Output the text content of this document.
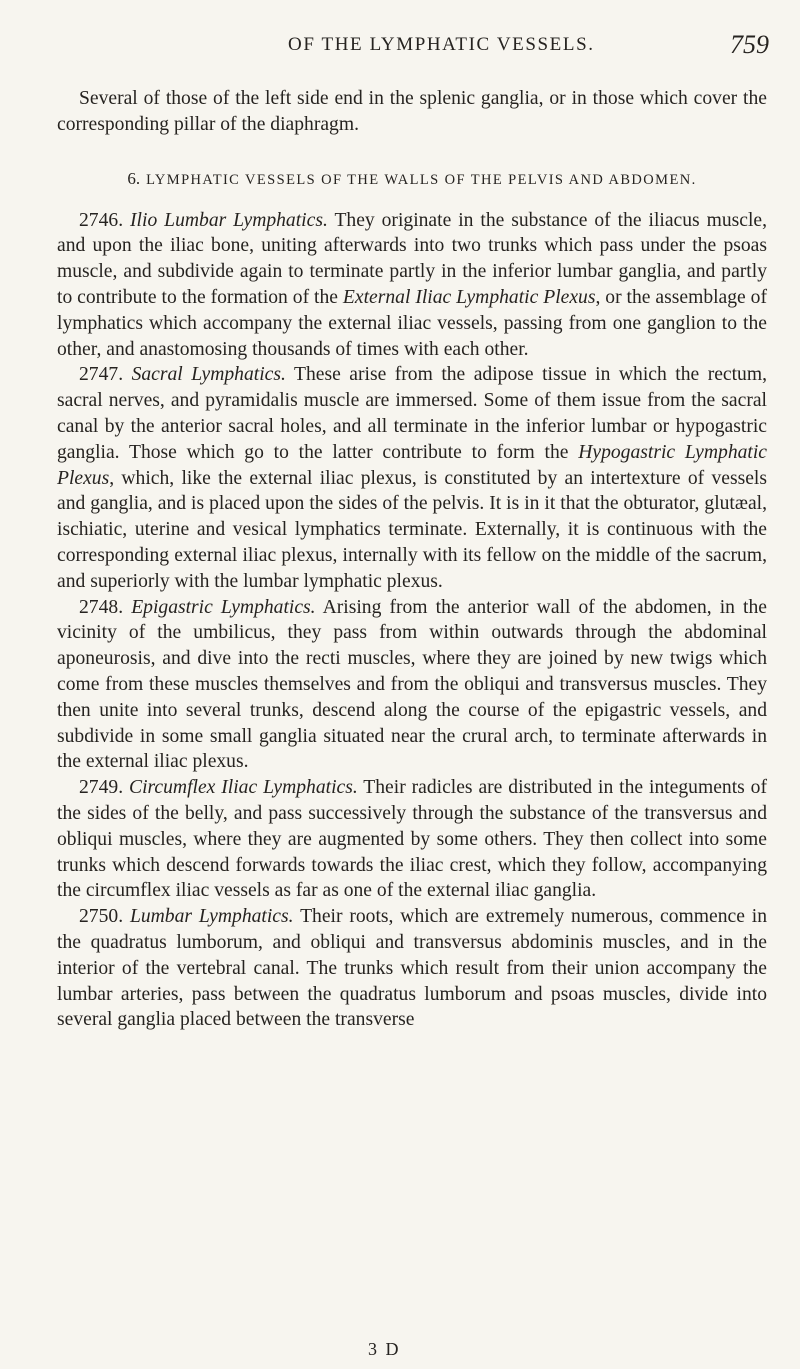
OF THE LYMPHATIC VESSELS.	759

Several of those of the left side end in the splenic ganglia, or in those which cover the corresponding pillar of the diaphragm.

6. LYMPHATIC VESSELS OF THE WALLS OF THE PELVIS AND ABDOMEN.

2746. Ilio Lumbar Lymphatics. They originate in the substance of the iliacus muscle, and upon the iliac bone, uniting afterwards into two trunks which pass under the psoas muscle, and subdivide again to terminate partly in the inferior lumbar ganglia, and partly to contribute to the formation of the External Iliac Lymphatic Plexus, or the assemblage of lymphatics which accompany the external iliac vessels, passing from one ganglion to the other, and anastomosing thousands of times with each other.

2747. Sacral Lymphatics. These arise from the adipose tissue in which the rectum, sacral nerves, and pyramidalis muscle are immersed. Some of them issue from the sacral canal by the anterior sacral holes, and all terminate in the inferior lumbar or hypogastric ganglia. Those which go to the latter contribute to form the Hypogastric Lymphatic Plexus, which, like the external iliac plexus, is constituted by an intertexture of vessels and ganglia, and is placed upon the sides of the pelvis. It is in it that the obturator, glutæal, ischiatic, uterine and vesical lymphatics terminate. Externally, it is continuous with the corresponding external iliac plexus, internally with its fellow on the middle of the sacrum, and superiorly with the lumbar lymphatic plexus.

2748. Epigastric Lymphatics. Arising from the anterior wall of the abdomen, in the vicinity of the umbilicus, they pass from within outwards through the abdominal aponeurosis, and dive into the recti muscles, where they are joined by new twigs which come from these muscles themselves and from the obliqui and transversus muscles. They then unite into several trunks, descend along the course of the epigastric vessels, and subdivide in some small ganglia situated near the crural arch, to terminate afterwards in the external iliac plexus.

2749. Circumflex Iliac Lymphatics. Their radicles are distributed in the integuments of the sides of the belly, and pass successively through the substance of the transversus and obliqui muscles, where they are augmented by some others. They then collect into some trunks which descend forwards towards the iliac crest, which they follow, accompanying the circumflex iliac vessels as far as one of the external iliac ganglia.

2750. Lumbar Lymphatics. Their roots, which are extremely numerous, commence in the quadratus lumborum, and obliqui and transversus abdominis muscles, and in the interior of the vertebral canal. The trunks which result from their union accompany the lumbar arteries, pass between the quadratus lumborum and psoas muscles, divide into several ganglia placed between the transverse

3 D
